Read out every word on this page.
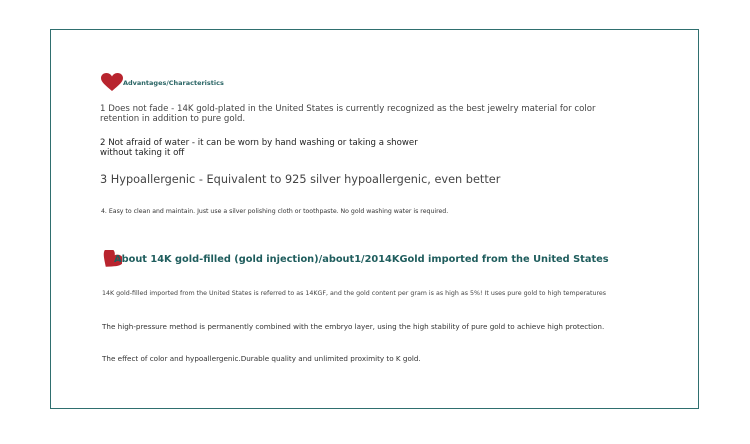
Advantages/Characteristics
1 Does not fade - 14K gold-plated in the United States is currently recognized as the best jewelry material for color
retention in addition to pure gold.
2 Not afraid of water - it can be worn by hand washing or taking a shower
without taking it off
3 Hypoallergenic - Equivalent to 925 silver hypoallergenic, even better
4. Easy to clean and maintain. Just use a silver polishing cloth or toothpaste. No gold washing water is required.
About 14K gold-filled (gold injection)/about1/2014KGold imported from the United States
14K gold-filled imported from the United States is referred to as 14KGF, and the gold content per gram is as high as 5%! It uses pure gold to high temperatures
The high-pressure method is permanently combined with the embryo layer, using the high stability of pure gold to achieve high protection.
The effect of color and hypoallergenic.Durable quality and unlimited proximity to K gold.
